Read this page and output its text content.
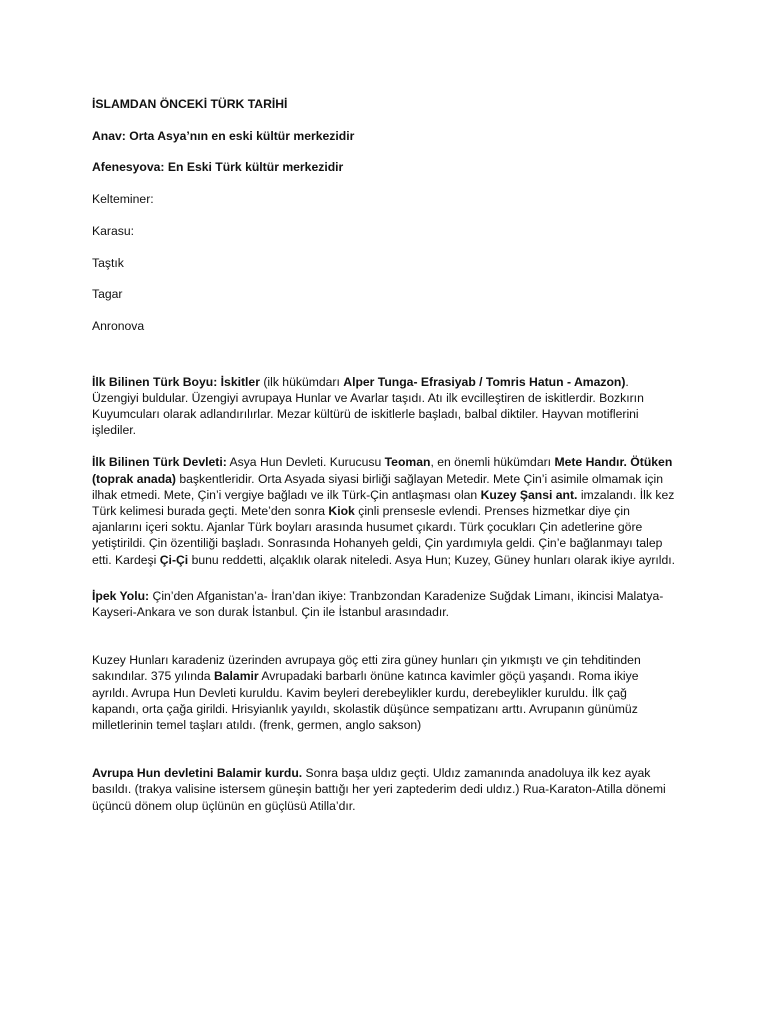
İSLAMDAN ÖNCEKİ TÜRK TARİHİ
Anav: Orta Asya’nın en eski kültür merkezidir
Afenesyova: En Eski Türk kültür merkezidir
Kelteminer:
Karasu:
Taştık
Tagar
Anronova

İlk Bilinen Türk Boyu: İskitler (ilk hükümdarı Alper Tunga- Efrasiyab / Tomris Hatun - Amazon). Üzengiyi buldular. Üzengiyi avrupaya Hunlar ve Avarlar taşıdı. Atı ilk evcilleştiren de iskitlerdir. Bozkırın Kuyumcuları olarak adlandırılırlar. Mezar kültürü de iskitlerle başladı, balbal diktiler. Hayvan motiflerini işlediler.

İlk Bilinen Türk Devleti: Asya Hun Devleti. Kurucusu Teoman, en önemli hükümdarı Mete Handır. Ötüken (toprak anada) başkentleridir. Orta Asyada siyasi birliği sağlayan Metedir. Mete Çin’i asimile olmamak için ilhak etmedi. Mete, Çin’i vergiye bağladı ve ilk Türk-Çin antlaşması olan Kuzey Şansi ant. imzalandı. İlk kez Türk kelimesi burada geçti. Mete’den sonra Kiok çinli prensesle evlendi. Prenses hizmetkar diye çin ajanlarını içeri soktu. Ajanlar Türk boyları arasında husumet çıkardı. Türk çocukları Çin adetlerine göre yetiştirildi. Çin özentiliği başladı. Sonrasında Hohanyeh geldi, Çin yardımıyla geldi. Çin’e bağlanmayı talep etti. Kardeşi Çi-Çi bunu reddetti, alçaklık olarak niteledi. Asya Hun; Kuzey, Güney hunları olarak ikiye ayrıldı.

İpek Yolu: Çin’den Afganistan’a- İran’dan ikiye: Tranbzondan Karadenize Suğdak Limanı, ikincisi Malatya-Kayseri-Ankara ve son durak İstanbul. Çin ile İstanbul arasındadır.

Kuzey Hunları karadeniz üzerinden avrupaya göç etti zira güney hunları çin yıkmıştı ve çin tehditinden sakındılar. 375 yılında Balamir Avrupadaki barbarlı önüne katınca kavimler göçü yaşandı. Roma ikiye ayrıldı. Avrupa Hun Devleti kuruldu. Kavim beyleri derebeylikler kurdu, derebeylikler kuruldu. İlk çağ kapandı, orta çağa girildi. Hrisyianlık yayıldı, skolastik düşünce sempatizanı arttı. Avrupanın günümüz milletlerinin temel taşları atıldı. (frenk, germen, anglo sakson)

Avrupa Hun devletini Balamir kurdu. Sonra başa uldız geçti. Uldız zamanında anadoluya ilk kez ayak basıldı. (trakya valisine istersem güneşin battığı her yeri zaptederim dedi uldız.) Rua-Karaton-Atilla dönemi üçüncü dönem olup üçlünün en güçlüsü Atilla’dır.
